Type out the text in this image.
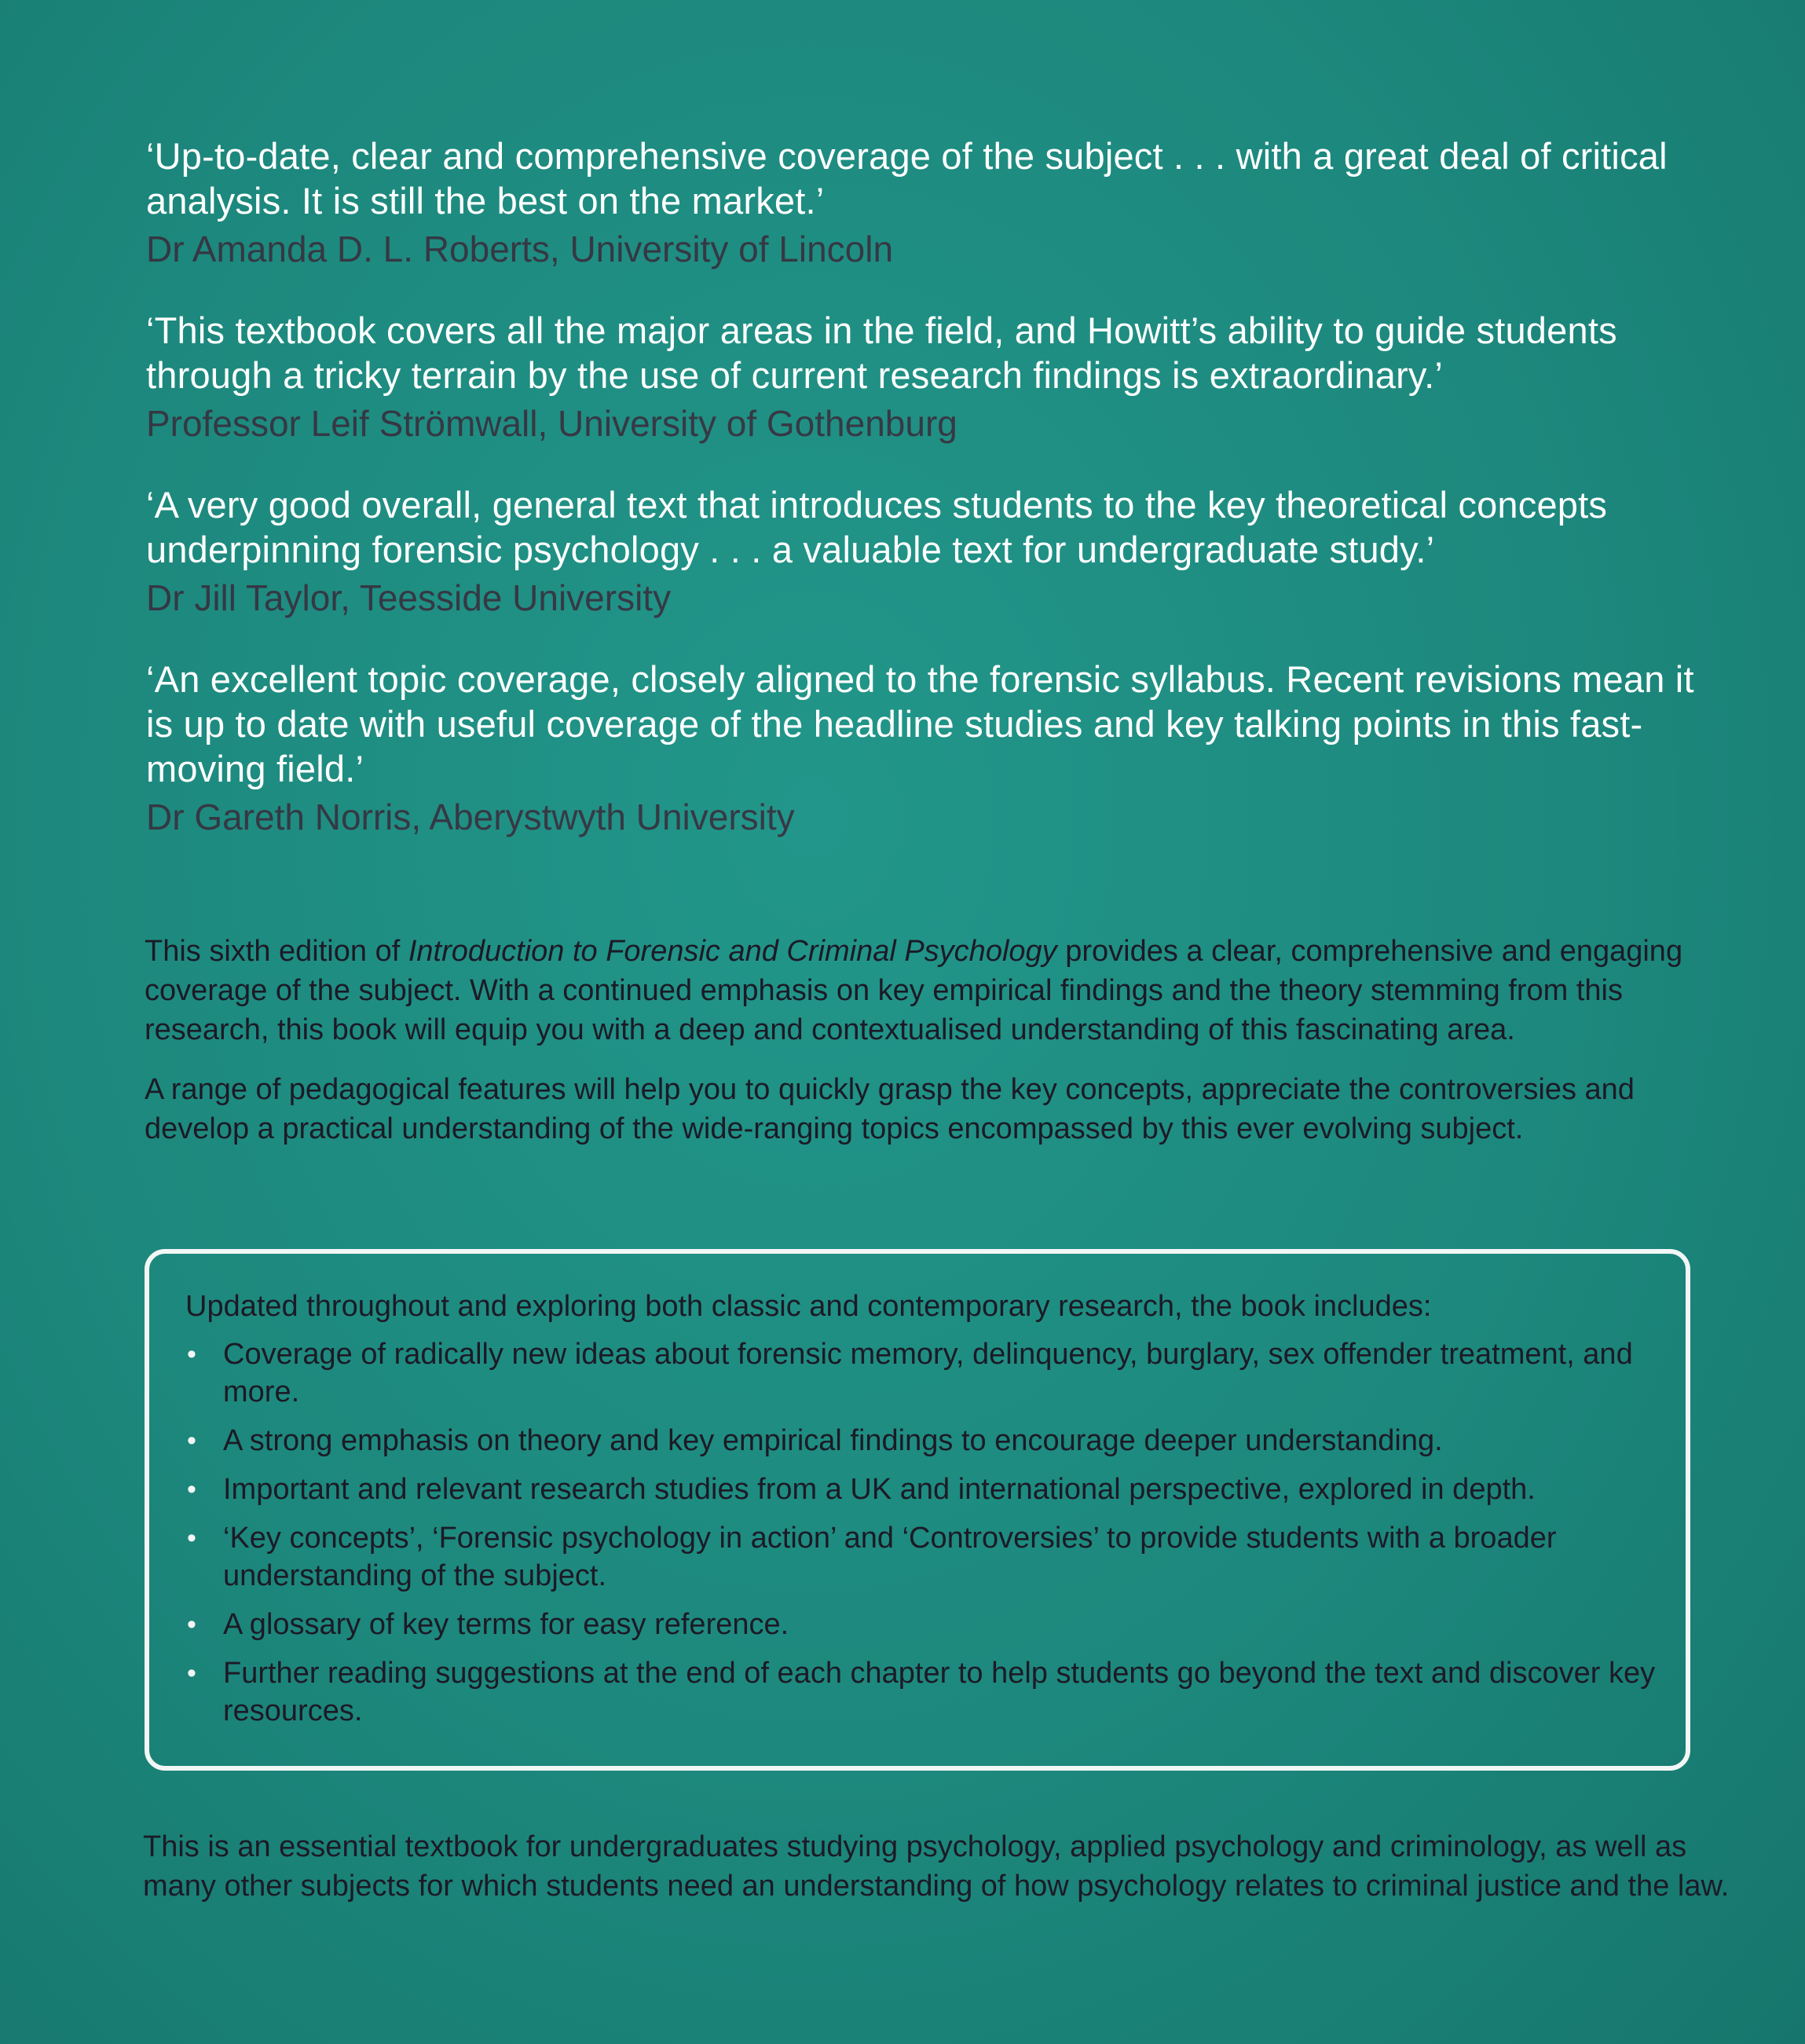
‘Up-to-date, clear and comprehensive coverage of the subject . . . with a great deal of critical analysis. It is still the best on the market.’

Dr Amanda D. L. Roberts, University of Lincoln

‘This textbook covers all the major areas in the field, and Howitt’s ability to guide students through a tricky terrain by the use of current research findings is extraordinary.’

Professor Leif Strömwall, University of Gothenburg

‘A very good overall, general text that introduces students to the key theoretical concepts underpinning forensic psychology . . . a valuable text for undergraduate study.’

Dr Jill Taylor, Teesside University

‘An excellent topic coverage, closely aligned to the forensic syllabus. Recent revisions mean it is up to date with useful coverage of the headline studies and key talking points in this fast-moving field.’

Dr Gareth Norris, Aberystwyth University

This sixth edition of Introduction to Forensic and Criminal Psychology provides a clear, comprehensive and engaging coverage of the subject. With a continued emphasis on key empirical findings and the theory stemming from this research, this book will equip you with a deep and contextualised understanding of this fascinating area.

A range of pedagogical features will help you to quickly grasp the key concepts, appreciate the controversies and develop a practical understanding of the wide-ranging topics encompassed by this ever evolving subject.

Updated throughout and exploring both classic and contemporary research, the book includes:

• Coverage of radically new ideas about forensic memory, delinquency, burglary, sex offender treatment, and more.
• A strong emphasis on theory and key empirical findings to encourage deeper understanding.
• Important and relevant research studies from a UK and international perspective, explored in depth.
• ‘Key concepts’, ‘Forensic psychology in action’ and ‘Controversies’ to provide students with a broader understanding of the subject.
• A glossary of key terms for easy reference.
• Further reading suggestions at the end of each chapter to help students go beyond the text and discover key resources.

This is an essential textbook for undergraduates studying psychology, applied psychology and criminology, as well as many other subjects for which students need an understanding of how psychology relates to criminal justice and the law.
